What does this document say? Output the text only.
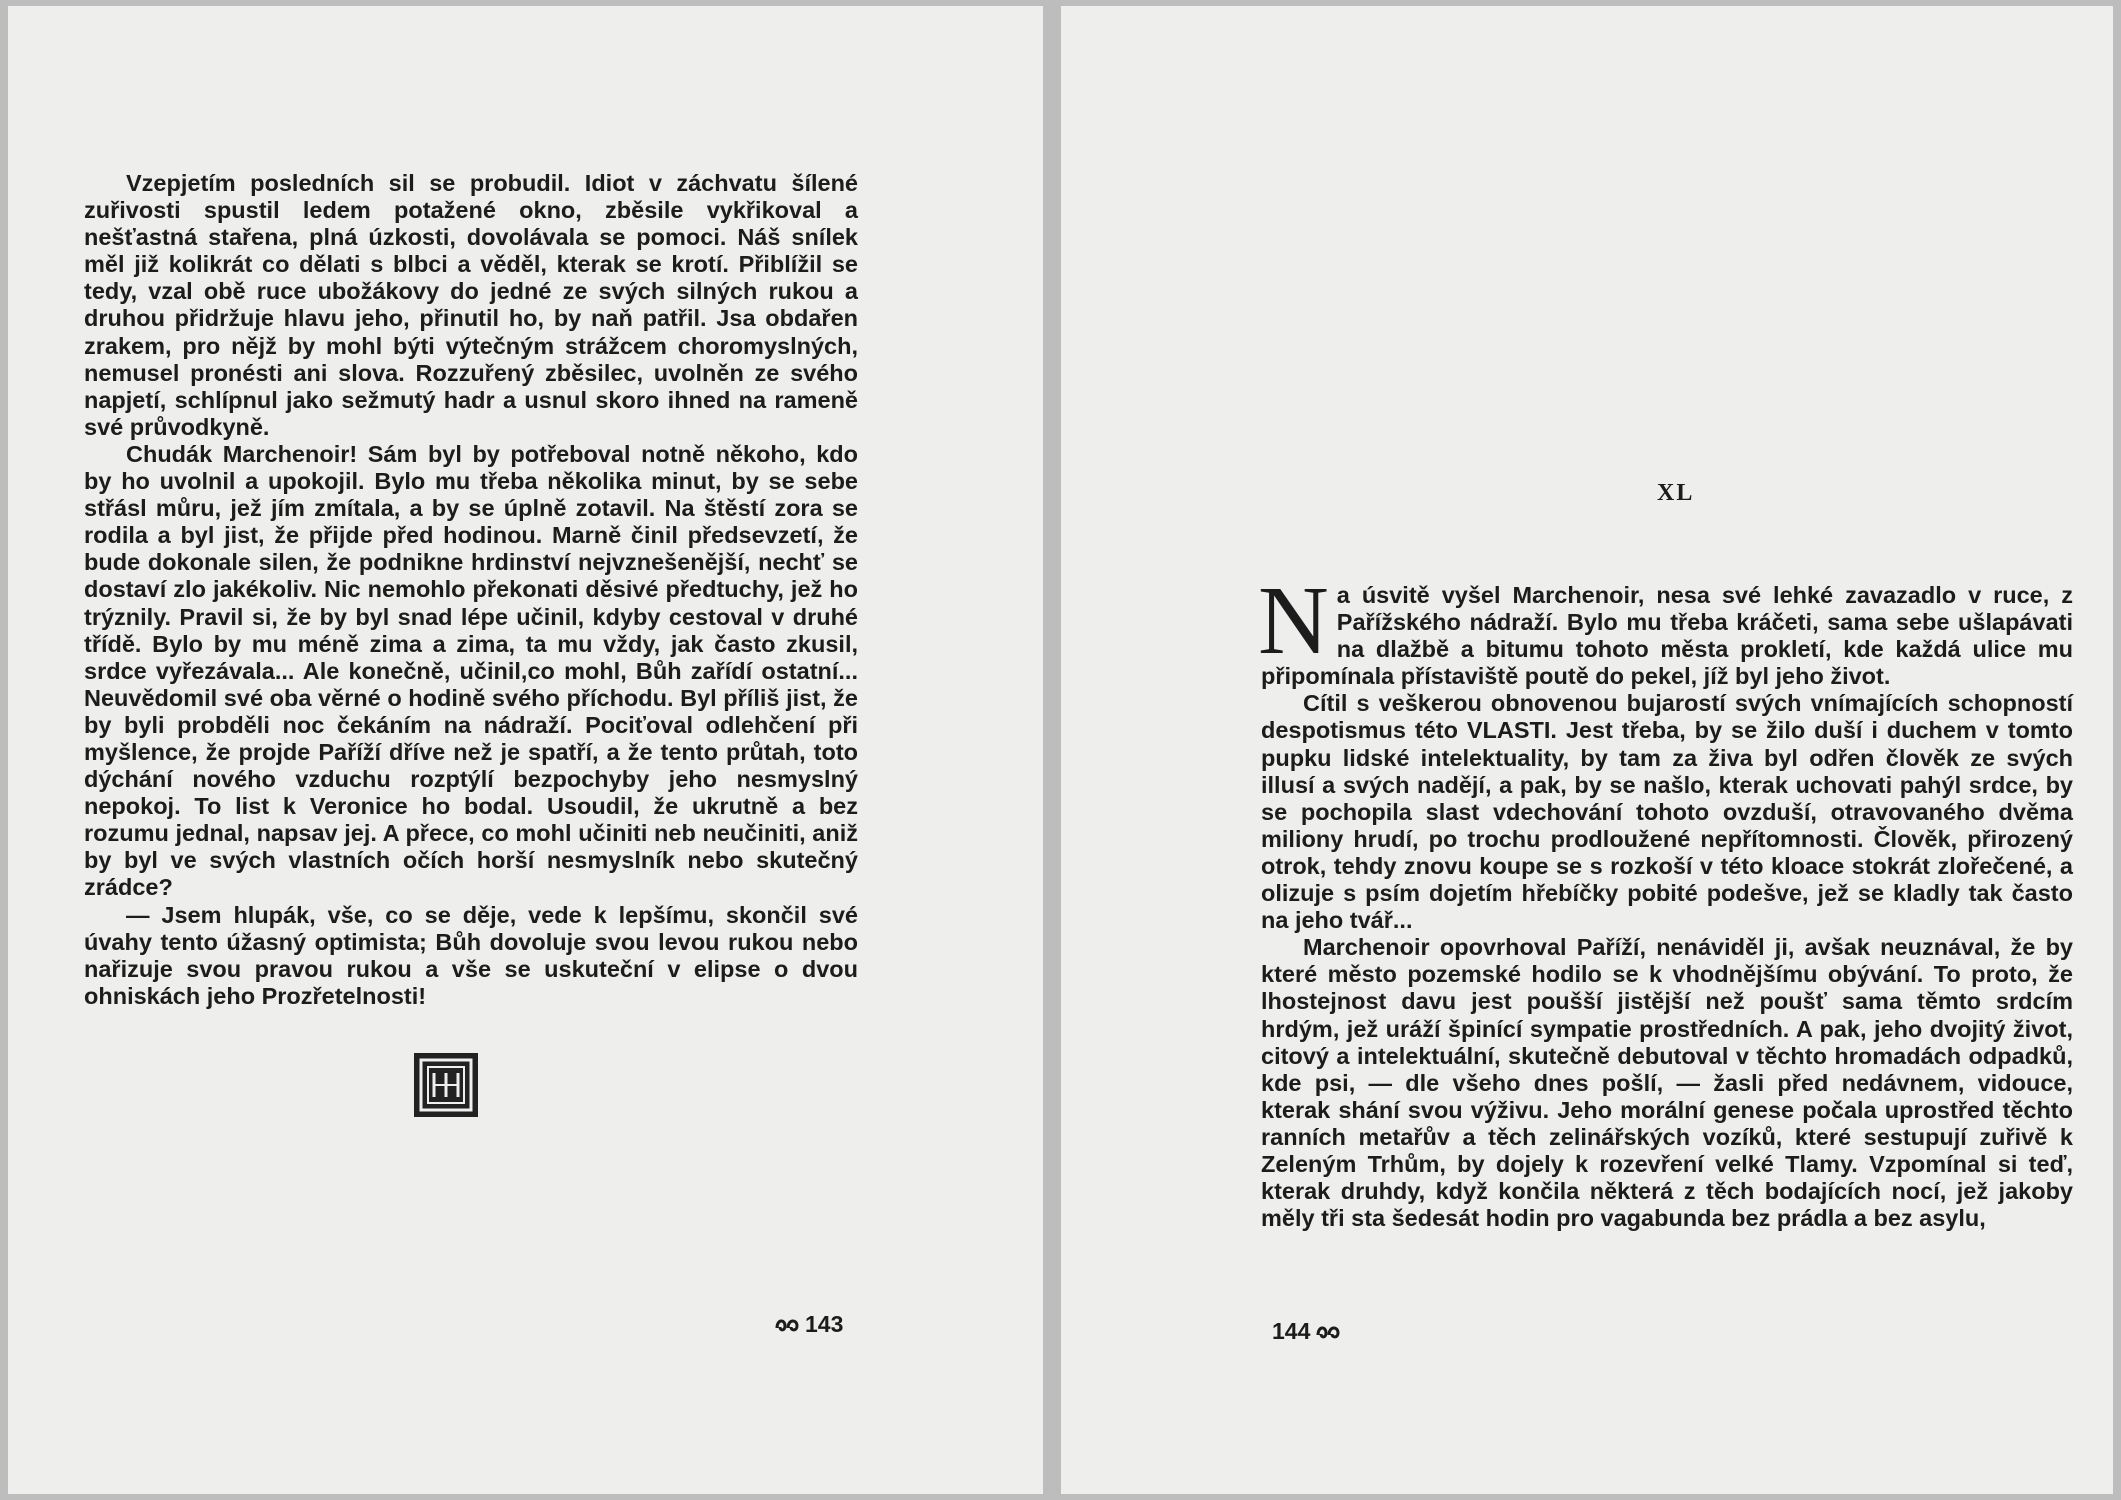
Vzepjetím posledních sil se probudil. Idiot v záchvatu šílené zuřivosti spustil ledem potažené okno, zběsile vykřikoval a nešťastná stařena, plná úzkosti, dovolávala se pomoci. Náš snílek měl již kolikrát co dělati s blbci a věděl, kterak se krotí. Přiblížil se tedy, vzal obě ruce ubožákovy do jedné ze svých silných rukou a druhou přidržuje hlavu jeho, přinutil ho, by naň patřil. Jsa obdařen zrakem, pro nějž by mohl býti výtečným strážcem choromyslných, nemusel pronésti ani slova. Rozzuřený zběsilec, uvolněn ze svého napjetí, schlípnul jako sežmutý hadr a usnul skoro ihned na rameně své průvodkyně.

Chudák Marchenoir! Sám byl by potřeboval notně někoho, kdo by ho uvolnil a upokojil. Bylo mu třeba několika minut, by se sebe střásl můru, jež jím zmítala, a by se úplně zotavil. Na štěstí zora se rodila a byl jist, že přijde před hodinou. Marně činil předsevzetí, že bude dokonale silen, že podnikne hrdinství nejvznešenější, nechť se dostaví zlo jakékoliv. Nic nemohlo překonati děsivé předtuchy, jež ho trýznily. Pravil si, že by byl snad lépe učinil, kdyby cestoval v druhé třídě. Bylo by mu méně zima a zima, ta mu vždy, jak často zkusil, srdce vyřezávala... Ale konečně, učinil,co mohl, Bůh zařídí ostatní... Neuvědomil své oba věrné o hodině svého příchodu. Byl příliš jist, že by byli probděli noc čekáním na nádraží. Pociťoval odlehčení při myšlence, že projde Paříží dříve než je spatří, a že tento průtah, toto dýchání nového vzduchu rozptýlí bezpochyby jeho nesmyslný nepokoj. To list k Veronice ho bodal. Usoudil, že ukrutně a bez rozumu jednal, napsav jej. A přece, co mohl učiniti neb neučiniti, aniž by byl ve svých vlastních očích horší nesmyslník nebo skutečný zrádce?

— Jsem hlupák, vše, co se děje, vede k lepšímu, skončil své úvahy tento úžasný optimista; Bůh dovoluje svou levou rukou nebo nařizuje svou pravou rukou a vše se uskuteční v elipse o dvou ohniskách jeho Prozřetelnosti!

143
XL

Na úsvitě vyšel Marchenoir, nesa své lehké zavazadlo v ruce, z Pařížského nádraží. Bylo mu třeba kráčeti, sama sebe ušlapávati na dlažbě a bitumu tohoto města prokletí, kde každá ulice mu připomínala přístaviště poutě do pekel, jíž byl jeho život.

Cítil s veškerou obnovenou bujarostí svých vnímajících schopností despotismus této VLASTI. Jest třeba, by se žilo duší i duchem v tomto pupku lidské intelektuality, by tam za živa byl odřen člověk ze svých illusí a svých nadějí, a pak, by se našlo, kterak uchovati pahýl srdce, by se pochopila slast vdechování tohoto ovzduší, otravovaného dvěma miliony hrudí, po trochu prodloužené nepřítomnosti. Člověk, přirozený otrok, tehdy znovu koupe se s rozkoší v této kloace stokrát zlořečené, a olizuje s psím dojetím hřebíčky pobité podešve, jež se kladly tak často na jeho tvář...

Marchenoir opovrhoval Paříží, nenáviděl ji, avšak neuznával, že by které město pozemské hodilo se k vhodnějšímu obývání. To proto, že lhostejnost davu jest poušší jistější než poušť sama těmto srdcím hrdým, jež uráží špinící sympatie prostředních. A pak, jeho dvojitý život, citový a intelektuální, skutečně debutoval v těchto hromadách odpadků, kde psi, — dle všeho dnes pošlí, — žasli před nedávnem, vidouce, kterak shání svou výživu. Jeho morální genese počala uprostřed těchto ranních metařův a těch zelinářských vozíků, které sestupují zuřivě k Zeleným Trhům, by dojely k rozevření velké Tlamy. Vzpomínal si teď, kterak druhdy, když končila některá z těch bodajících nocí, jež jakoby měly tři sta šedesát hodin pro vagabunda bez prádla a bez asylu,

144
